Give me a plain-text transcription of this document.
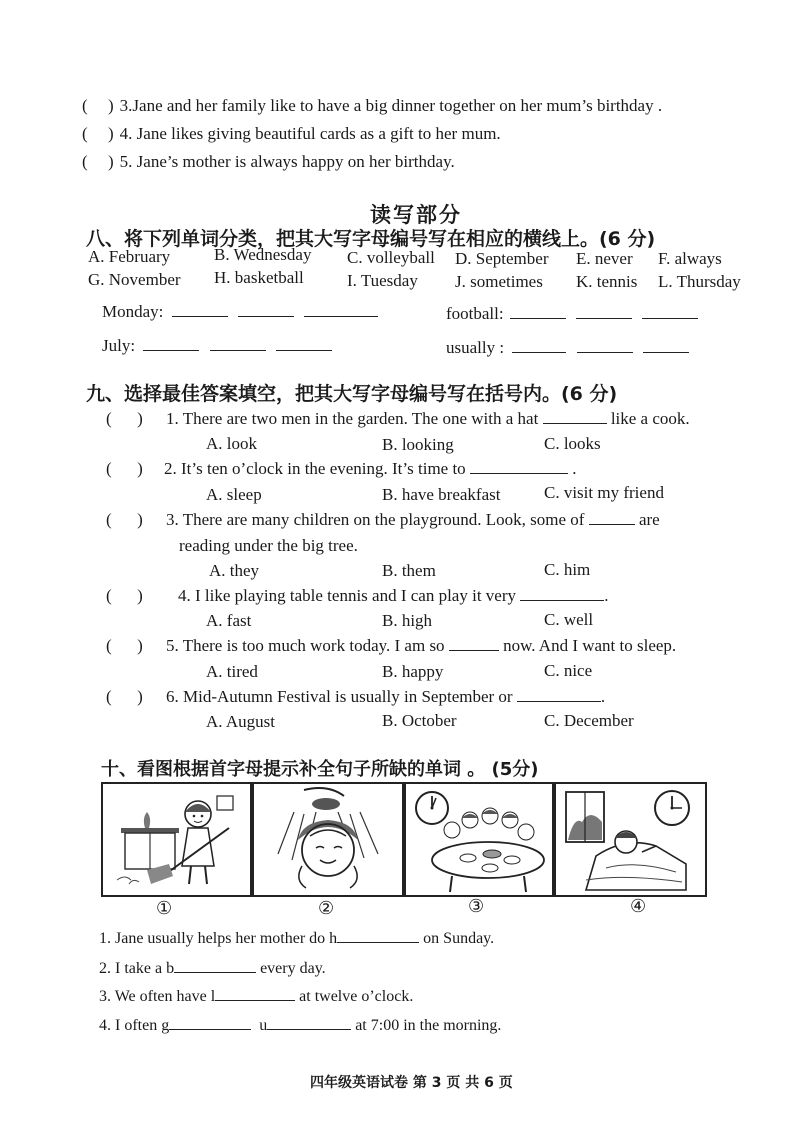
( ) 3.Jane and her family like to have a big dinner together on her mum’s birthday .
( ) 4. Jane likes giving beautiful cards as a gift to her mum.
( ) 5. Jane’s mother is always happy on her birthday.
读写部分
八、将下列单词分类，把其大写字母编号写在相应的横线上。(6 分)
A. February	B. Wednesday C. volleyball D. September E. never F. always
G. November H. basketball	I. Tuesday J. sometimes K. tennis L. Thursday
Monday:	football:
July:	usually :
九、选择最佳答案填空，把其大写字母编号写在括号内。(6 分)
(      ) 1. There are two men in the garden. The one with a hat	like a cook.
A. look	B. looking	C. looks
(      ) 2. It’s ten o’clock in the evening. It’s time to	.
A. sleep	B. have breakfast	C. visit my friend
(      ) 3. There are many children on the playground. Look, some of	are
reading under the big tree.
A. they	B. them	C. him
(      ) 4. I like playing table tennis and I can play it very	.
A. fast	B. high	C. well
(      ) 5. There is too much work today. I am so	now. And I want to sleep.
A. tired	B. happy	C. nice
(      ) 6. Mid-Autumn Festival is usually in September or	.
A. August	B. October	C. December
十、看图根据首字母提示补全句子所缺的单词 。 (5分)
①	②	③	④
1. Jane usually helps her mother do h	on Sunday.
2. I take a b	every day.
3. We often have l	at twelve o’clock.
4. I often g	u	at 7:00 in the morning.
四年级英语试卷 第 3 页 共 6 页
